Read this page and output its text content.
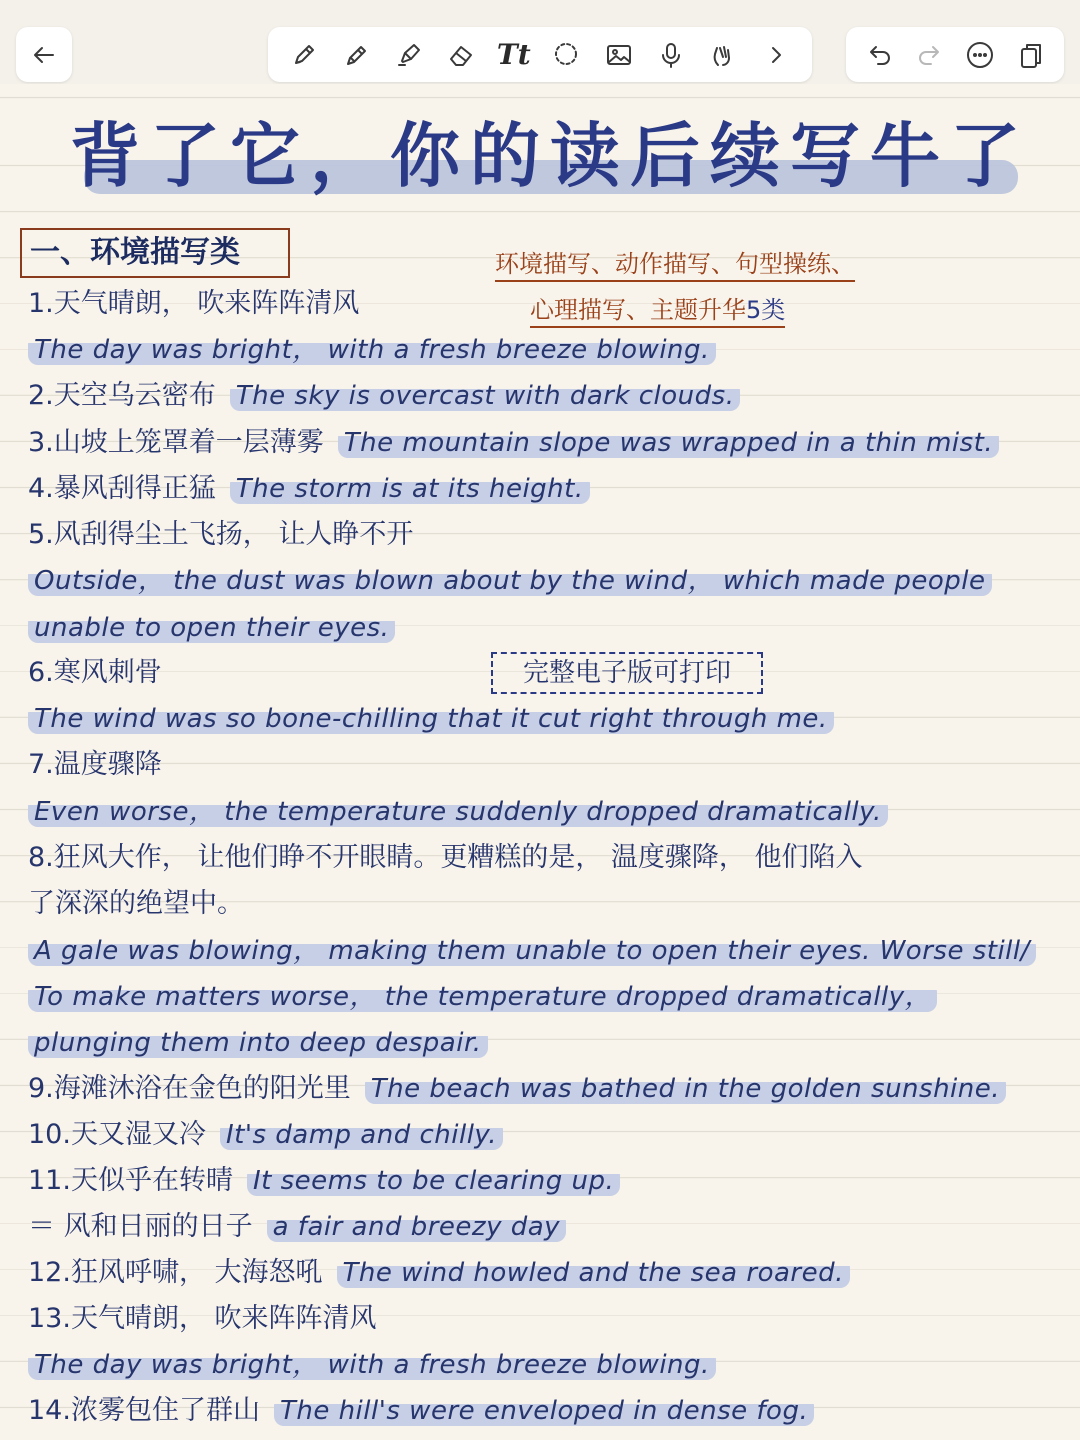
Tt
背了它，你的读后续写牛了
一、环境描写类	环境描写、动作描写、句型操练、
心理描写、主题升华5类
完整电子版可打印
1.天气晴朗， 吹来阵阵清风
The day was bright， with a fresh breeze blowing.
2.天空乌云密布 The sky is overcast with dark clouds.
3.山坡上笼罩着一层薄雾 The mountain slope was wrapped in a thin mist.
4.暴风刮得正猛 The storm is at its height.
5.风刮得尘土飞扬， 让人睁不开
Outside， the dust was blown about by the wind， which made people
unable to open their eyes.
6.寒风刺骨
The wind was so bone-chilling that it cut right through me.
7.温度骤降
Even worse， the temperature suddenly dropped dramatically.
8.狂风大作， 让他们睁不开眼睛。更糟糕的是， 温度骤降， 他们陷入
了深深的绝望中。
A gale was blowing， making them unable to open their eyes. Worse still/
To make matters worse， the temperature dropped dramatically，
plunging them into deep despair.
9.海滩沐浴在金色的阳光里 The beach was bathed in the golden sunshine.
10.天又湿又冷 It's damp and chilly.
11.天似乎在转晴 It seems to be clearing up.
＝ 风和日丽的日子 a fair and breezy day
12.狂风呼啸， 大海怒吼 The wind howled and the sea roared.
13.天气晴朗， 吹来阵阵清风
The day was bright， with a fresh breeze blowing.
14.浓雾包住了群山 The hill's were enveloped in dense fog.
